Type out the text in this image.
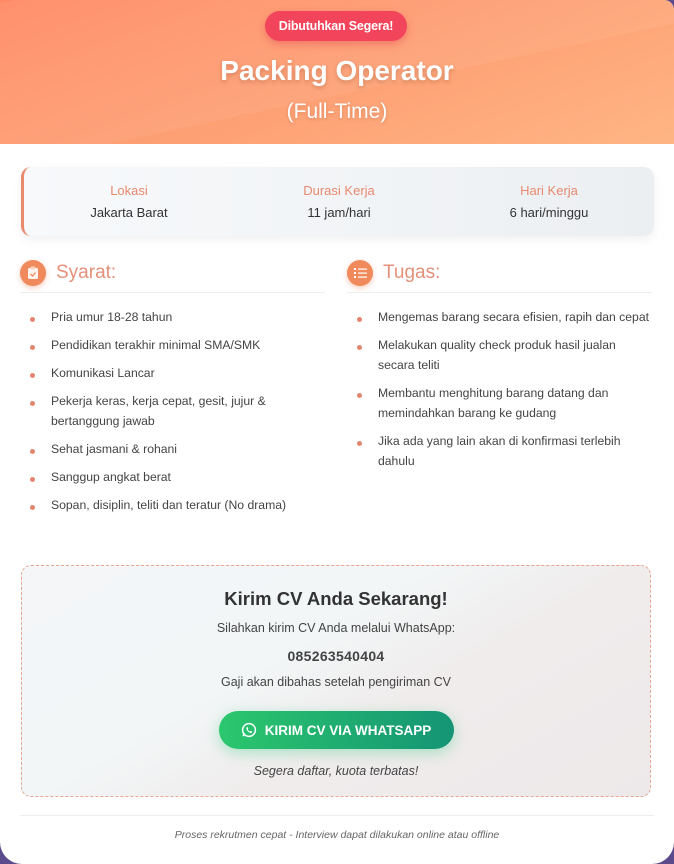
Dibutuhkan Segera!
Packing Operator
(Full-Time)
Lokasi
Jakarta Barat
Durasi Kerja
11 jam/hari
Hari Kerja
6 hari/minggu
Syarat:
Pria umur 18-28 tahun
Pendidikan terakhir minimal SMA/SMK
Komunikasi Lancar
Pekerja keras, kerja cepat, gesit, jujur & bertanggung jawab
Sehat jasmani & rohani
Sanggup angkat berat
Sopan, disiplin, teliti dan teratur (No drama)
Tugas:
Mengemas barang secara efisien, rapih dan cepat
Melakukan quality check produk hasil jualan secara teliti
Membantu menghitung barang datang dan memindahkan barang ke gudang
Jika ada yang lain akan di konfirmasi terlebih dahulu
Kirim CV Anda Sekarang!
Silahkan kirim CV Anda melalui WhatsApp:
085263540404
Gaji akan dibahas setelah pengiriman CV
KIRIM CV VIA WHATSAPP
Segera daftar, kuota terbatas!
Proses rekrutmen cepat - Interview dapat dilakukan online atau offline
